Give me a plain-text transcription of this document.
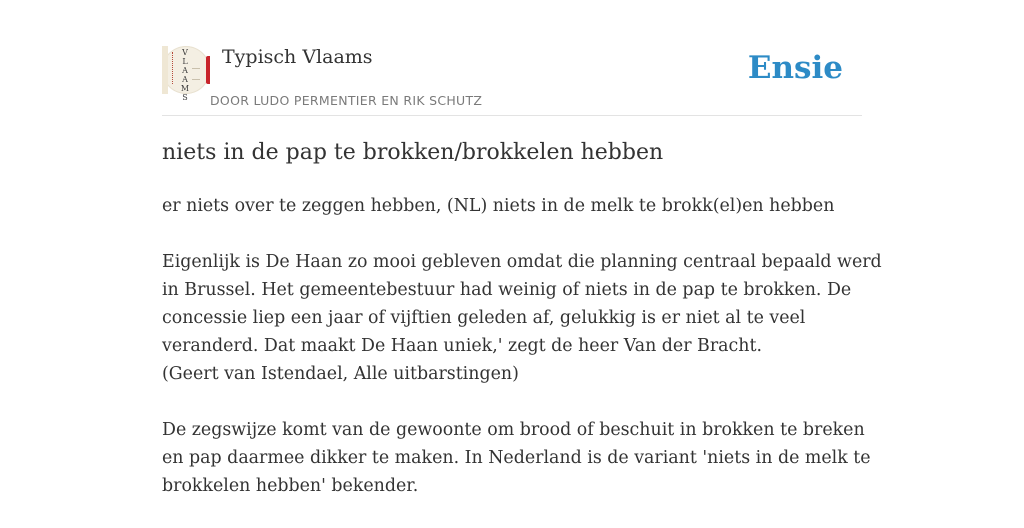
V
L
A
A
M
S
Typisch Vlaams
DOOR LUDO PERMENTIER EN RIK SCHUTZ
Ensie
niets in de pap te brokken/brokkelen hebben

er niets over te zeggen hebben, (NL) niets in de melk te brokk(el)en hebben

Eigenlijk is De Haan zo mooi gebleven omdat die planning centraal bepaald werd
in Brussel. Het gemeentebestuur had weinig of niets in de pap te brokken. De
concessie liep een jaar of vijftien geleden af, gelukkig is er niet al te veel
veranderd. Dat maakt De Haan uniek,' zegt de heer Van der Bracht.
(Geert van Istendael, Alle uitbarstingen)

De zegswijze komt van de gewoonte om brood of beschuit in brokken te breken
en pap daarmee dikker te maken. In Nederland is de variant 'niets in de melk te
brokkelen hebben' bekender.
